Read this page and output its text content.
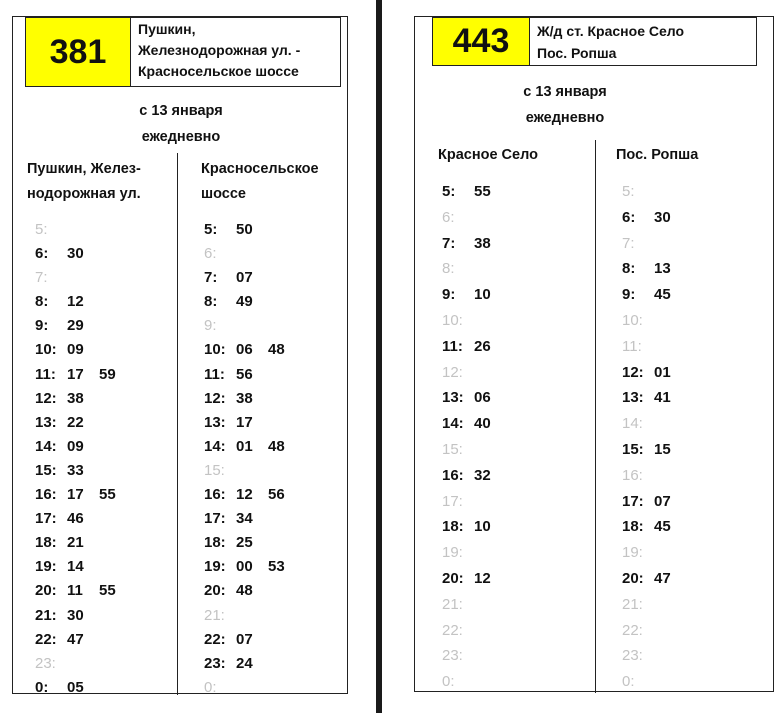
381
Пушкин,
Железнодорожная ул. -
Красносельское шоссе
с 13 января
ежедневно
Пушкин, Желез-
нодорожная ул.
5:
6: 30
7:
8: 12
9: 29
10: 09
11: 17 59
12: 38
13: 22
14: 09
15: 33
16: 17 55
17: 46
18: 21
19: 14
20: 11 55
21: 30
22: 47
23:
0: 05
Красносельское
шоссе
5: 50
6:
7: 07
8: 49
9:
10: 06 48
11: 56
12: 38
13: 17
14: 01 48
15:
16: 12 56
17: 34
18: 25
19: 00 53
20: 48
21:
22: 07
23: 24
0:
443	Ж/д ст. Красное Село
Пос. Ропша
с 13 января
ежедневно
Красное Село
5: 55
6:
7: 38
8:
9: 10
10:
11: 26
12:
13: 06
14: 40
15:
16: 32
17:
18: 10
19:
20: 12
21:
22:
23:
0:
Пос. Ропша
5:
6: 30
7:
8: 13
9: 45
10:
11:
12: 01
13: 41
14:
15: 15
16:
17: 07
18: 45
19:
20: 47
21:
22:
23:
0:
